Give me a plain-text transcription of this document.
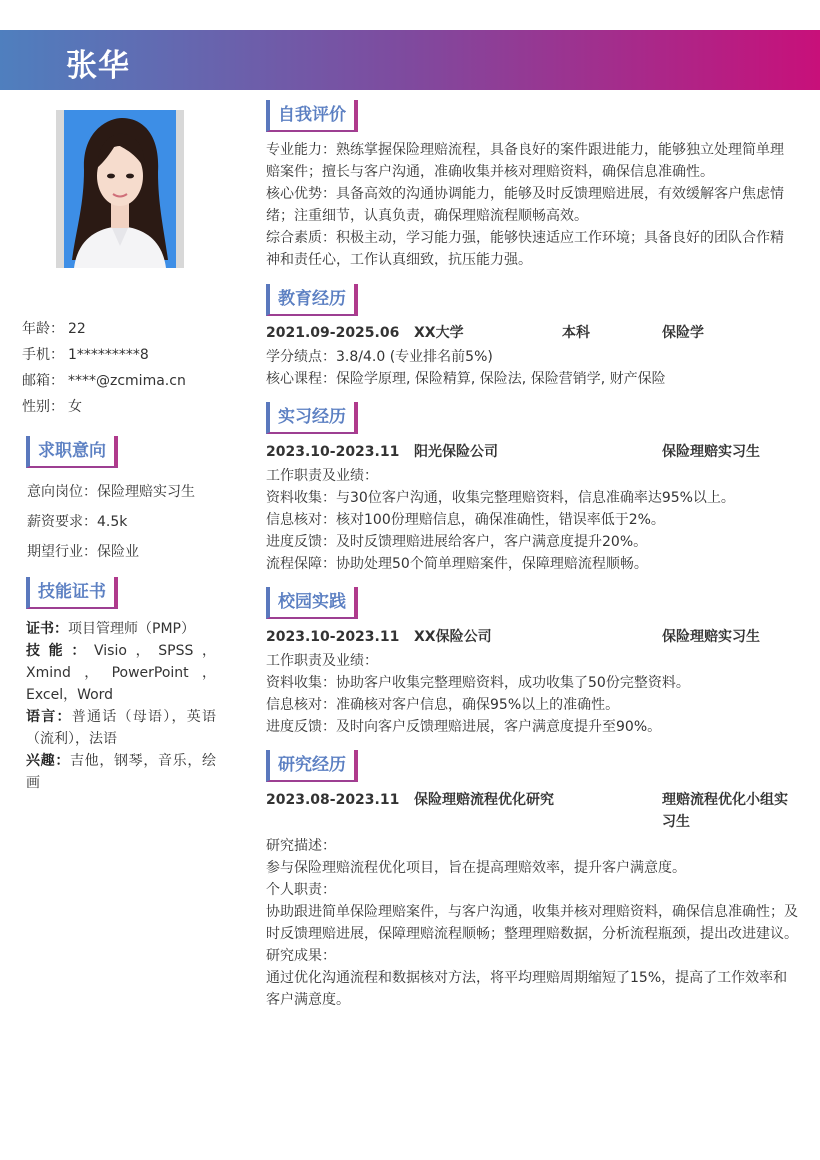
张华
年龄： 22
手机： 1*********8
邮箱： ****@zcmima.cn
性别： 女
求职意向
意向岗位：保险理赔实习生
薪资要求：4.5k
期望行业：保险业
技能证书

证书：项目管理师（PMP）

技能：Visio，SPSS，Xmind，PowerPoint，Excel，Word

语言：普通话（母语），英语（流利），法语

兴趣：吉他，钢琴，音乐，绘画

自我评价

专业能力：熟练掌握保险理赔流程，具备良好的案件跟进能力，能够独立处理简单理赔案件；擅长与客户沟通，准确收集并核对理赔资料，确保信息准确性。

核心优势：具备高效的沟通协调能力，能够及时反馈理赔进展，有效缓解客户焦虑情绪；注重细节，认真负责，确保理赔流程顺畅高效。

综合素质：积极主动，学习能力强，能够快速适应工作环境；具备良好的团队合作精神和责任心，工作认真细致，抗压能力强。

教育经历
2021.09-2025.06 XX大学	本科	保险学
学分绩点：3.8/4.0 (专业排名前5%)
核心课程：保险学原理, 保险精算, 保险法, 保险营销学, 财产保险
实习经历
2023.10-2023.11 阳光保险公司	保险理赔实习生
工作职责及业绩：
资料收集：与30位客户沟通，收集完整理赔资料，信息准确率达95%以上。
信息核对：核对100份理赔信息，确保准确性，错误率低于2%。
进度反馈：及时反馈理赔进展给客户，客户满意度提升20%。
流程保障：协助处理50个简单理赔案件，保障理赔流程顺畅。
校园实践
2023.10-2023.11 XX保险公司	保险理赔实习生
工作职责及业绩：
资料收集：协助客户收集完整理赔资料，成功收集了50份完整资料。
信息核对：准确核对客户信息，确保95%以上的准确性。
进度反馈：及时向客户反馈理赔进展，客户满意度提升至90%。
研究经历
2023.08-2023.11 保险理赔流程优化研究	理赔流程优化小组实习生

研究描述：

参与保险理赔流程优化项目，旨在提高理赔效率，提升客户满意度。

个人职责：

协助跟进简单保险理赔案件，与客户沟通，收集并核对理赔资料，确保信息准确性；及时反馈理赔进展，保障理赔流程顺畅；整理理赔数据，分析流程瓶颈，提出改进建议。

研究成果：

通过优化沟通流程和数据核对方法，将平均理赔周期缩短了15%，提高了工作效率和客户满意度。
